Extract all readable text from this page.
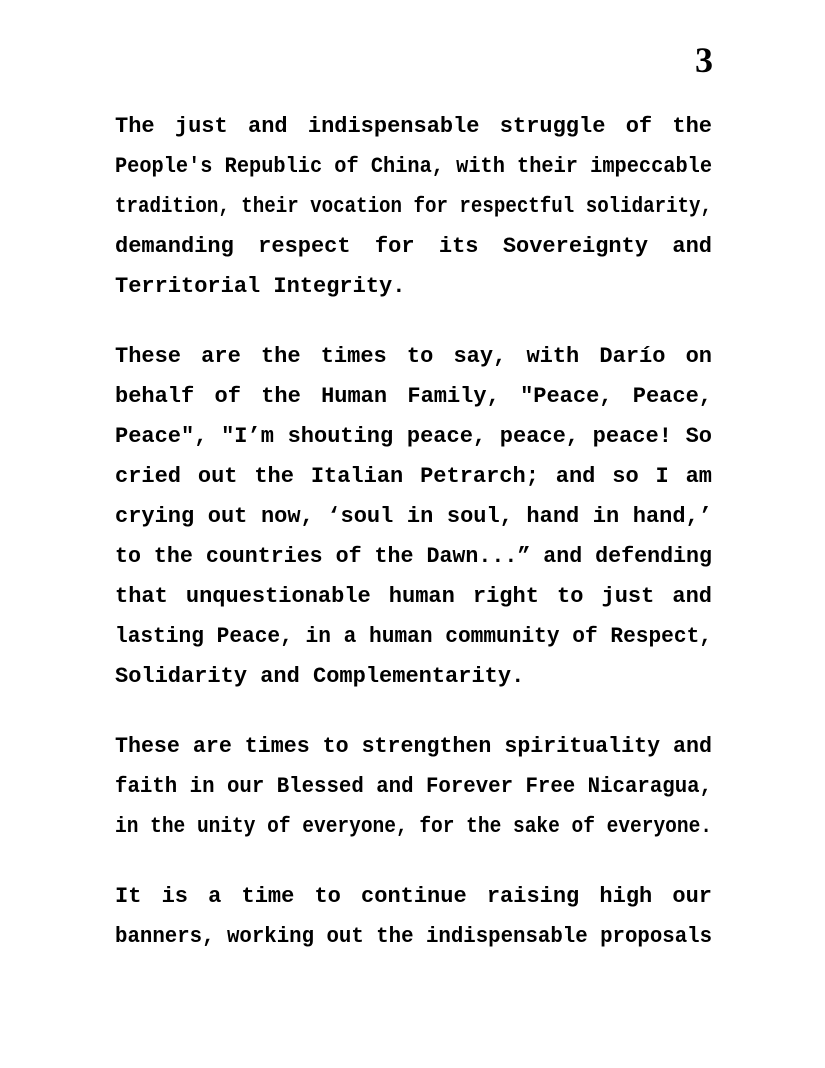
3
The just and indispensable struggle of the
People's Republic of China, with their impeccable
tradition, their vocation for respectful solidarity,
demanding respect for its Sovereignty and
Territorial Integrity.
These are the times to say, with Darío on
behalf of the Human Family, "Peace, Peace,
Peace", "I’m shouting peace, peace, peace! So
cried out the Italian Petrarch; and so I am
crying out now, ‘soul in soul, hand in hand,’
to the countries of the Dawn...” and defending
that unquestionable human right to just and
lasting Peace, in a human community of Respect,
Solidarity and Complementarity.
These are times to strengthen spirituality and
faith in our Blessed and Forever Free Nicaragua,
in the unity of everyone, for the sake of everyone.
It is a time to continue raising high our
banners, working out the indispensable proposals
